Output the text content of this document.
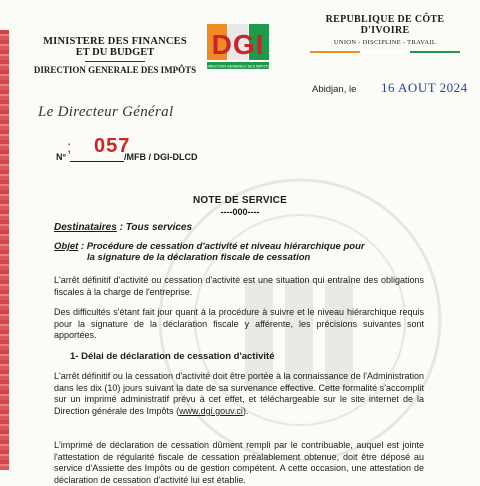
MINISTERE DES FINANCES
ET DU BUDGET
DIRECTION GENERALE DES IMPÔTS
DGI
DIRECTION GENERALE DES IMPOTS
REPUBLIQUE DE CÔTE D'IVOIRE
UNION - DISCIPLINE - TRAVAIL
Abidjan, le 16 AOUT 2024
Le Directeur Général
N°
; 057
/MFB / DGI-DLCD
NOTE DE SERVICE
----000----
Destinataires : Tous services
Objet : Procédure de cessation d'activité et niveau hiérarchique pour
la signature de la déclaration fiscale de cessation
L'arrêt définitif d'activité ou cessation d'activité est une situation qui entraîne des obligations fiscales à la charge de l'entreprise.
Des difficultés s'étant fait jour quant à la procédure à suivre et le niveau hiérarchique requis pour la signature de la déclaration fiscale y afférente, les précisions suivantes sont apportées.
1- Délai de déclaration de cessation d'activité
L'arrêt définitif ou la cessation d'activité doit être portée à la connaissance de l'Administration dans les dix (10) jours suivant la date de sa survenance effective. Cette formalité s'accomplit sur un imprimé administratif prévu à cet effet, et téléchargeable sur le site internet de la Direction générale des Impôts (www.dgi.gouv.ci).
L'imprimé de déclaration de cessation dûment rempli par le contribuable, auquel est jointe l'attestation de régularité fiscale de cessation préalablement obtenue, doit être déposé au service d'Assiette des Impôts ou de gestion compétent. A cette occasion, une attestation de déclaration de cessation d'activité lui est établie.
